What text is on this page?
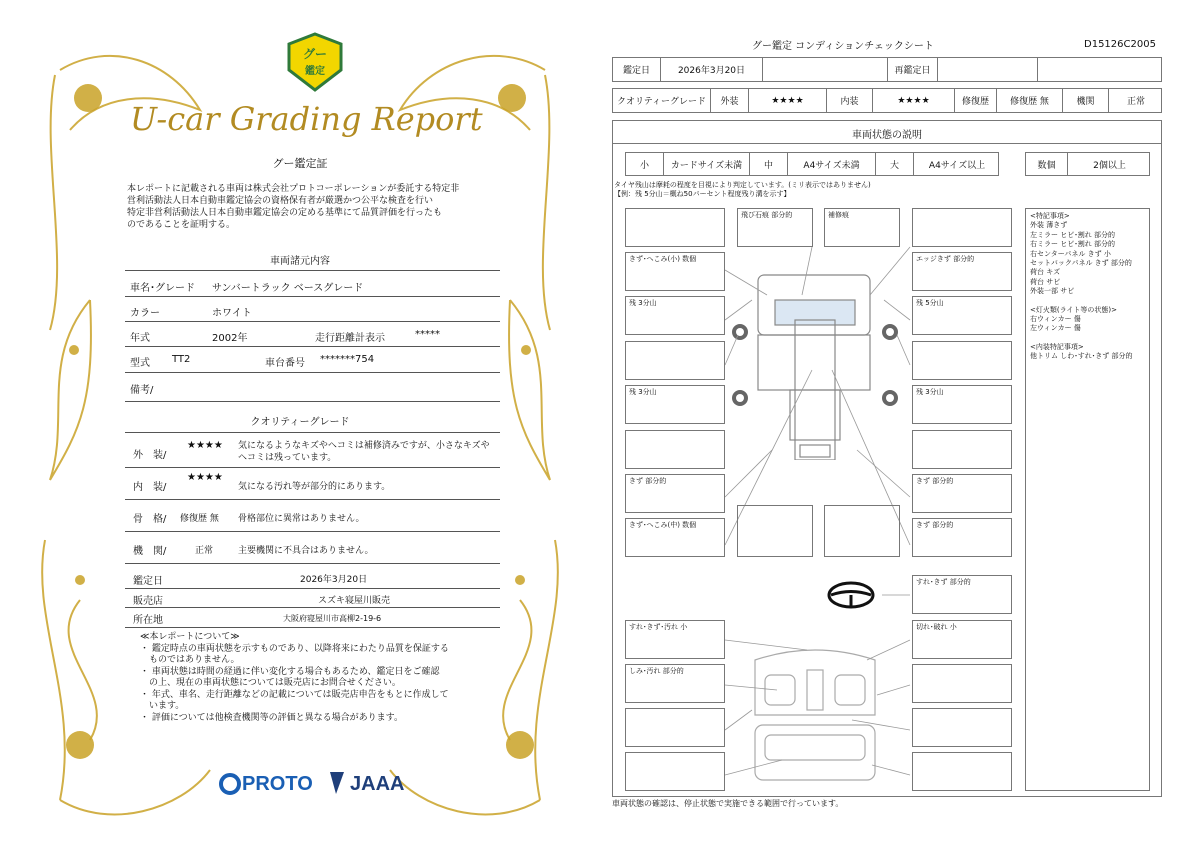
グー
鑑定
U-car Grading Report
グー鑑定証
本レポートに記載される車両は株式会社プロトコーポレーションが委託する特定非
営利活動法人日本自動車鑑定協会の資格保有者が厳選かつ公平な検査を行い
特定非営利活動法人日本自動車鑑定協会の定める基準にて品質評価を行ったも
のであることを証明する。
車両諸元内容
車名･グレード サンバートラック ベースグレード
カラー	ホワイト
年式	2002年	走行距離計表示	*****
型式 TT2	車台番号 *******754
備考/
クオリティーグレード
外　装/
★★★★ 気になるようなキズやヘコミは補修済みですが、小さなキズや
ヘコミは残っています。
内　装/
★★★★
気になる汚れ等が部分的にあります。
骨　格/ 修復歴 無 骨格部位に異常はありません。
機　関/	正常	主要機関に不具合はありません。
鑑定日	2026年3月20日
販売店	スズキ寝屋川販売
所在地	大阪府寝屋川市高柳2-19-6
≪本レポートについて≫
・ 鑑定時点の車両状態を示すものであり、以降将来にわたり品質を保証する
　ものではありません。
・ 車両状態は時間の経過に伴い変化する場合もあるため、鑑定日をご確認
　の上、現在の車両状態については販売店にお問合せください。
・ 年式、車名、走行距離などの記載については販売店申告をもとに作成して
　います。
・ 評価については他検査機関等の評価と異なる場合があります。
PROTO JAAA
グー鑑定 コンディションチェックシート	D15126C2005
鑑定日	2026年3月20日	再鑑定日
クオリティーグレード	外装	★★★★	内装	★★★★	修復歴	修復歴 無	機関	正常
車両状態の説明
小	カードサイズ未満	中	A4サイズ未満	大	A4サイズ以上	数個	2個以上
タイヤ残山は摩耗の程度を目視により判定しています。(ミリ表示ではありません)
【例：残 5分山＝概ね50パーセント程度残り溝を示す】
きず･へこみ(小) 数個
残 3分山
残 3分山
きず 部分的
きず･へこみ(中) 数個
飛び石痕 部分的	補修痕
エッジきず 部分的
残 5分山
残 3分山
きず 部分的
きず 部分的
すれ･きず 部分的
すれ･きず･汚れ 小
しみ･汚れ 部分的
切れ･破れ 小
<特記事項>
外装 薄きず
左ミラー ヒビ･割れ 部分的
右ミラー ヒビ･割れ 部分的
右センターパネル きず 小
セットバックパネル きず 部分的
荷台 キズ
荷台 サビ
外装一部 サビ
<灯火類(ライト等の状態)>
右ウィンカー 傷
左ウィンカー 傷
<内装特記事項>
他トリム しわ･すれ･きず 部分的
車両状態の確認は、停止状態で実施できる範囲で行っています。
